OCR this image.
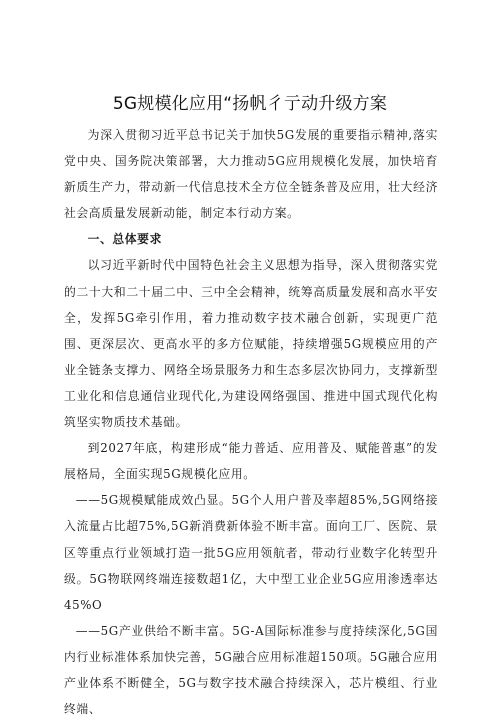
5G规模化应用“扬帆彳亍动升级方案

为深入贯彻习近平总书记关于加快5G发展的重要指示精神,落实党中央、国务院决策部署，大力推动5G应用规模化发展，加快培育新质生产力，带动新一代信息技术全方位全链条普及应用，壮大经济社会高质量发展新动能，制定本行动方案。

一、总体要求

以习近平新时代中国特色社会主义思想为指导，深入贯彻落实党的二十大和二十届二中、三中全会精神，统筹高质量发展和高水平安全，发挥5G牵引作用，着力推动数字技术融合创新，实现更广范围、更深层次、更高水平的多方位赋能，持续增强5G规模应用的产业全链条支撑力、网络全场景服务力和生态多层次协同力，支撑新型工业化和信息通信业现代化,为建设网络强国、推进中国式现代化构筑坚实物质技术基础。

到2027年底，构建形成“能力普适、应用普及、赋能普惠”的发展格局，全面实现5G规模化应用。

——5G规模赋能成效凸显。5G个人用户普及率超85%,5G网络接入流量占比超75%,5G新消费新体验不断丰富。面向工厂、医院、景区等重点行业领域打造一批5G应用领航者，带动行业数字化转型升级。5G物联网终端连接数超1亿，大中型工业企业5G应用渗透率达45%O

——5G产业供给不断丰富。5G-A国际标准参与度持续深化,5G国内行业标准体系加快完善，5G融合应用标准超150项。5G融合应用产业体系不断健全，5G与数字技术融合持续深入，芯片模组、行业终端、
